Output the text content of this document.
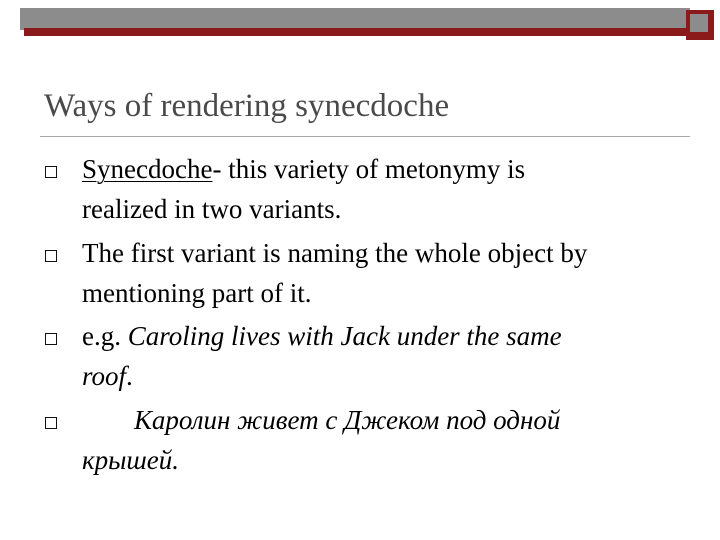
Ways of rendering synecdoche
Synecdoche- this variety of metonymy is
realized in two variants.
The first variant is naming the whole object by
mentioning part of it.
e.g. Caroling lives with Jack under the same
roof.
Каролин живет с Джеком под одной
крышей.
